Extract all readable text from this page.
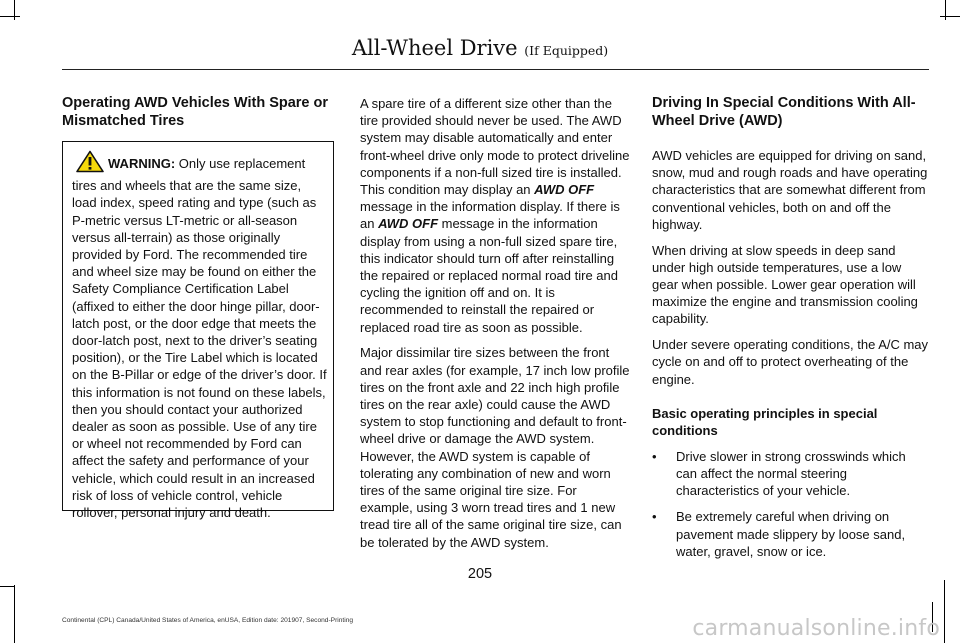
All-Wheel Drive (If Equipped)
Operating AWD Vehicles With Spare or Mismatched Tires
WARNING: Only use replacement tires and wheels that are the same size, load index, speed rating and type (such as P-metric versus LT-metric or all-season versus all-terrain) as those originally provided by Ford. The recommended tire and wheel size may be found on either the Safety Compliance Certification Label (affixed to either the door hinge pillar, door-latch post, or the door edge that meets the door-latch post, next to the driver’s seating position), or the Tire Label which is located on the B-Pillar or edge of the driver’s door. If this information is not found on these labels, then you should contact your authorized dealer as soon as possible. Use of any tire or wheel not recommended by Ford can affect the safety and performance of your vehicle, which could result in an increased risk of loss of vehicle control, vehicle rollover, personal injury and death.

A spare tire of a different size other than the tire provided should never be used. The AWD system may disable automatically and enter front-wheel drive only mode to protect driveline components if a non-full sized tire is installed. This condition may display an AWD OFF message in the information display. If there is an AWD OFF message in the information display from using a non-full sized spare tire, this indicator should turn off after reinstalling the repaired or replaced normal road tire and cycling the ignition off and on. It is recommended to reinstall the repaired or replaced road tire as soon as possible.

Major dissimilar tire sizes between the front and rear axles (for example, 17 inch low profile tires on the front axle and 22 inch high profile tires on the rear axle) could cause the AWD system to stop functioning and default to front-wheel drive or damage the AWD system. However, the AWD system is capable of tolerating any combination of new and worn tires of the same original tire size. For example, using 3 worn tread tires and 1 new tread tire all of the same original tire size, can be tolerated by the AWD system.

Driving In Special Conditions With All-Wheel Drive (AWD)

AWD vehicles are equipped for driving on sand, snow, mud and rough roads and have operating characteristics that are somewhat different from conventional vehicles, both on and off the highway.

When driving at slow speeds in deep sand under high outside temperatures, use a low gear when possible. Lower gear operation will maximize the engine and transmission cooling capability.

Under severe operating conditions, the A/C may cycle on and off to protect overheating of the engine.

Basic operating principles in special conditions
• Drive slower in strong crosswinds which can affect the normal steering characteristics of your vehicle.
• Be extremely careful when driving on pavement made slippery by loose sand, water, gravel, snow or ice.
205
Continental (CPL) Canada/United States of America, enUSA, Edition date: 201907, Second-Printing	carmanualsonline.info
